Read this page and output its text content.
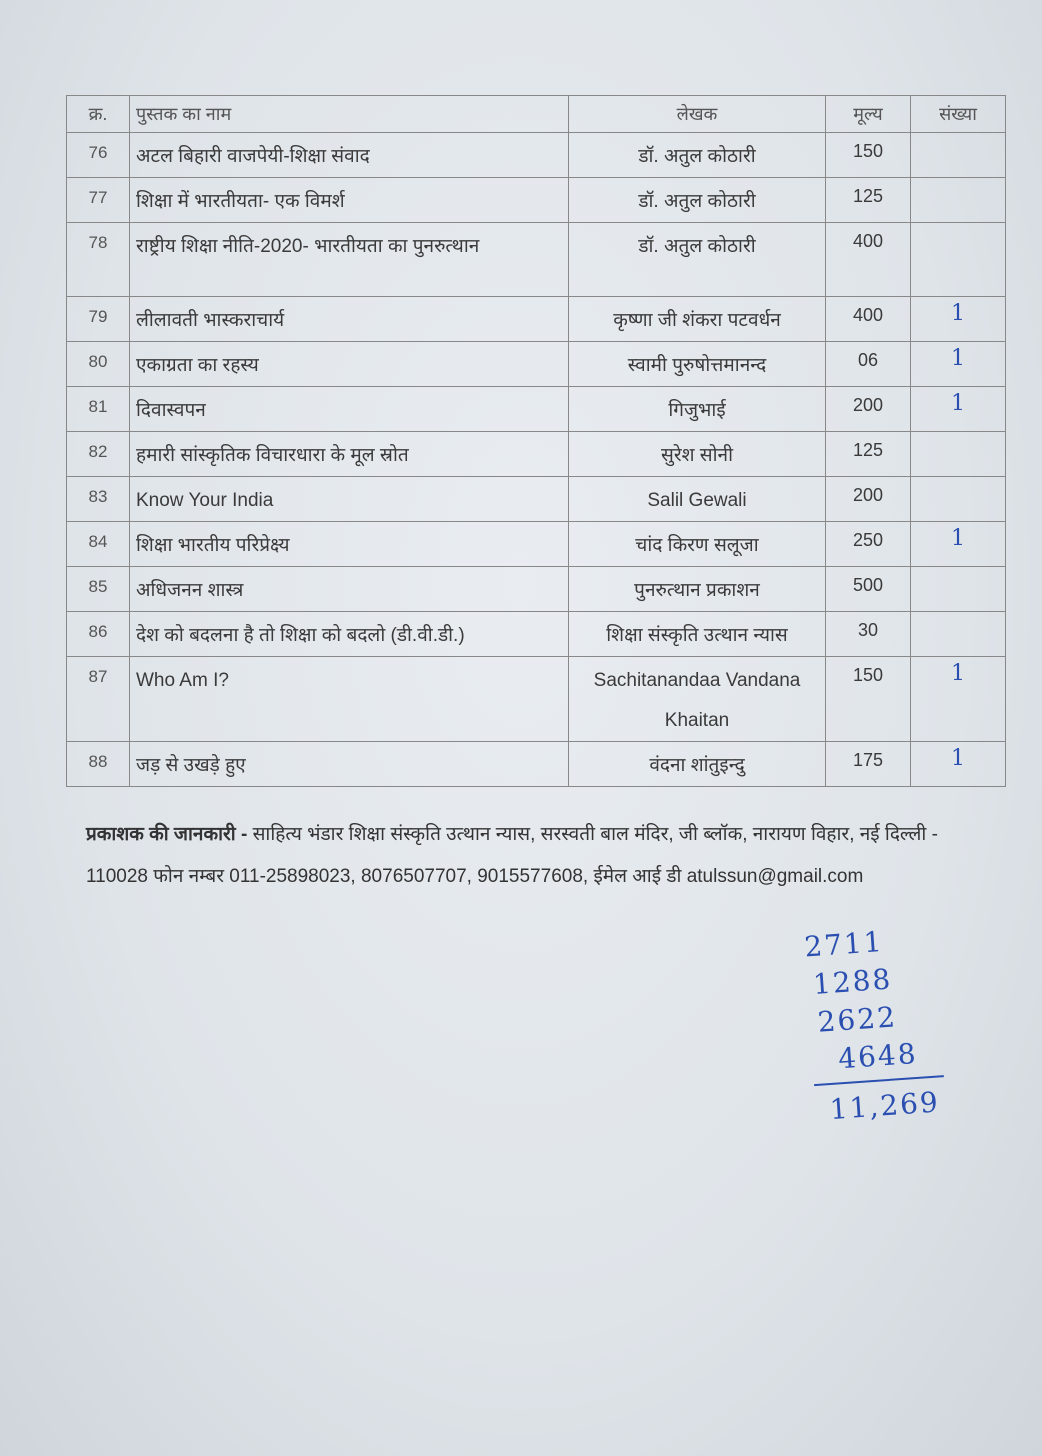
क्र.	पुस्तक का नाम	लेखक	मूल्य	संख्या
76	अटल बिहारी वाजपेयी-शिक्षा संवाद	डॉ. अतुल कोठारी	150	
77	शिक्षा में भारतीयता- एक विमर्श	डॉ. अतुल कोठारी	125	
78	राष्ट्रीय शिक्षा नीति-2020- भारतीयता का पुनरुत्थान	डॉ. अतुल कोठारी	400	
79	लीलावती भास्कराचार्य	कृष्णा जी शंकरा पटवर्धन	400	1
80	एकाग्रता का रहस्य	स्वामी पुरुषोत्तमानन्द	06	1
81	दिवास्वपन	गिजुभाई	200	1
82	हमारी सांस्कृतिक विचारधारा के मूल स्रोत	सुरेश सोनी	125	
83	Know Your India	Salil Gewali	200	
84	शिक्षा भारतीय परिप्रेक्ष्य	चांद किरण सलूजा	250	1
85	अधिजनन शास्त्र	पुनरुत्थान प्रकाशन	500	
86	देश को बदलना है तो शिक्षा को बदलो (डी.वी.डी.)	शिक्षा संस्कृति उत्थान न्यास	30	
87	Who Am I?	Sachitanandaa Vandana Khaitan	150	1
88	जड़ से उखड़े हुए	वंदना शांतुइन्दु	175	1
प्रकाशक की जानकारी - साहित्य भंडार शिक्षा संस्कृति उत्थान न्यास, सरस्वती बाल मंदिर, जी ब्लॉक, नारायण विहार, नई दिल्ली - 110028 फोन नम्बर 011-25898023, 8076507707, 9015577608, ईमेल आई डी atulssun@gmail.com
2711
1288
2622
4648
11,269
